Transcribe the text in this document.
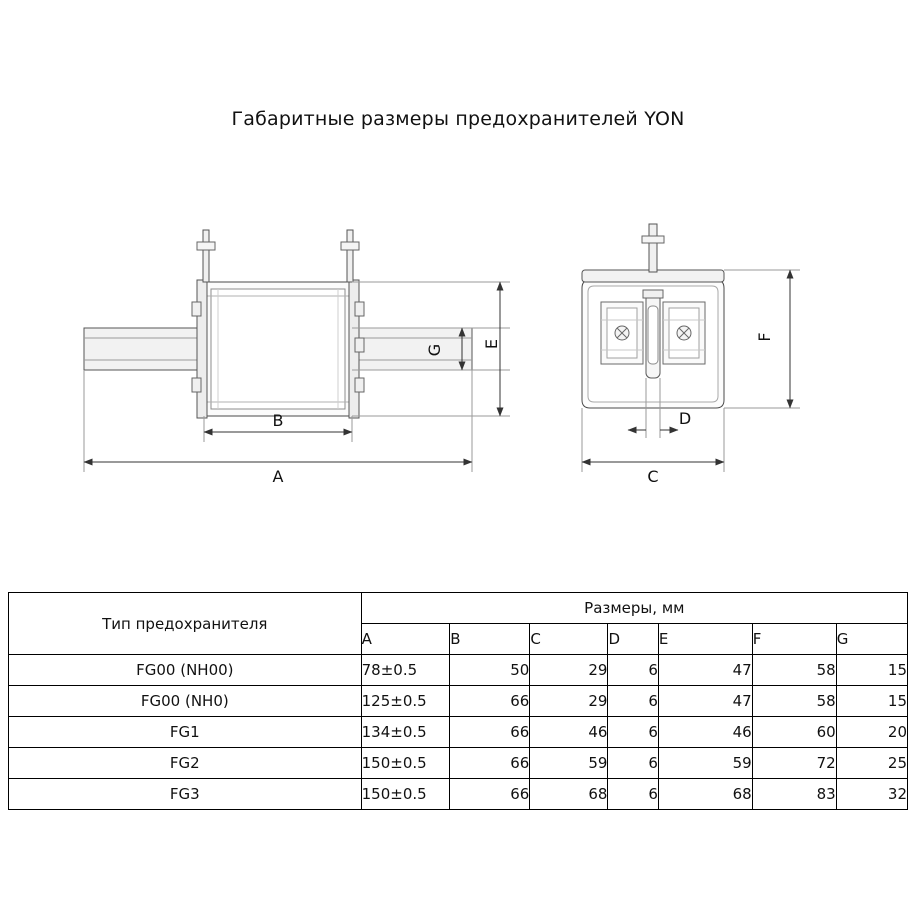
Габаритные размеры предохранителей YON
A
B
C
D
E
F
G
Тип предохранителя	Размеры, мм						
	A	B	C	D	E	F	G
FG00 (NH00)	78±0.5	50	29	6	47	58	15
FG00 (NH0)	125±0.5	66	29	6	47	58	15
FG1	134±0.5	66	46	6	46	60	20
FG2	150±0.5	66	59	6	59	72	25
FG3	150±0.5	66	68	6	68	83	32
